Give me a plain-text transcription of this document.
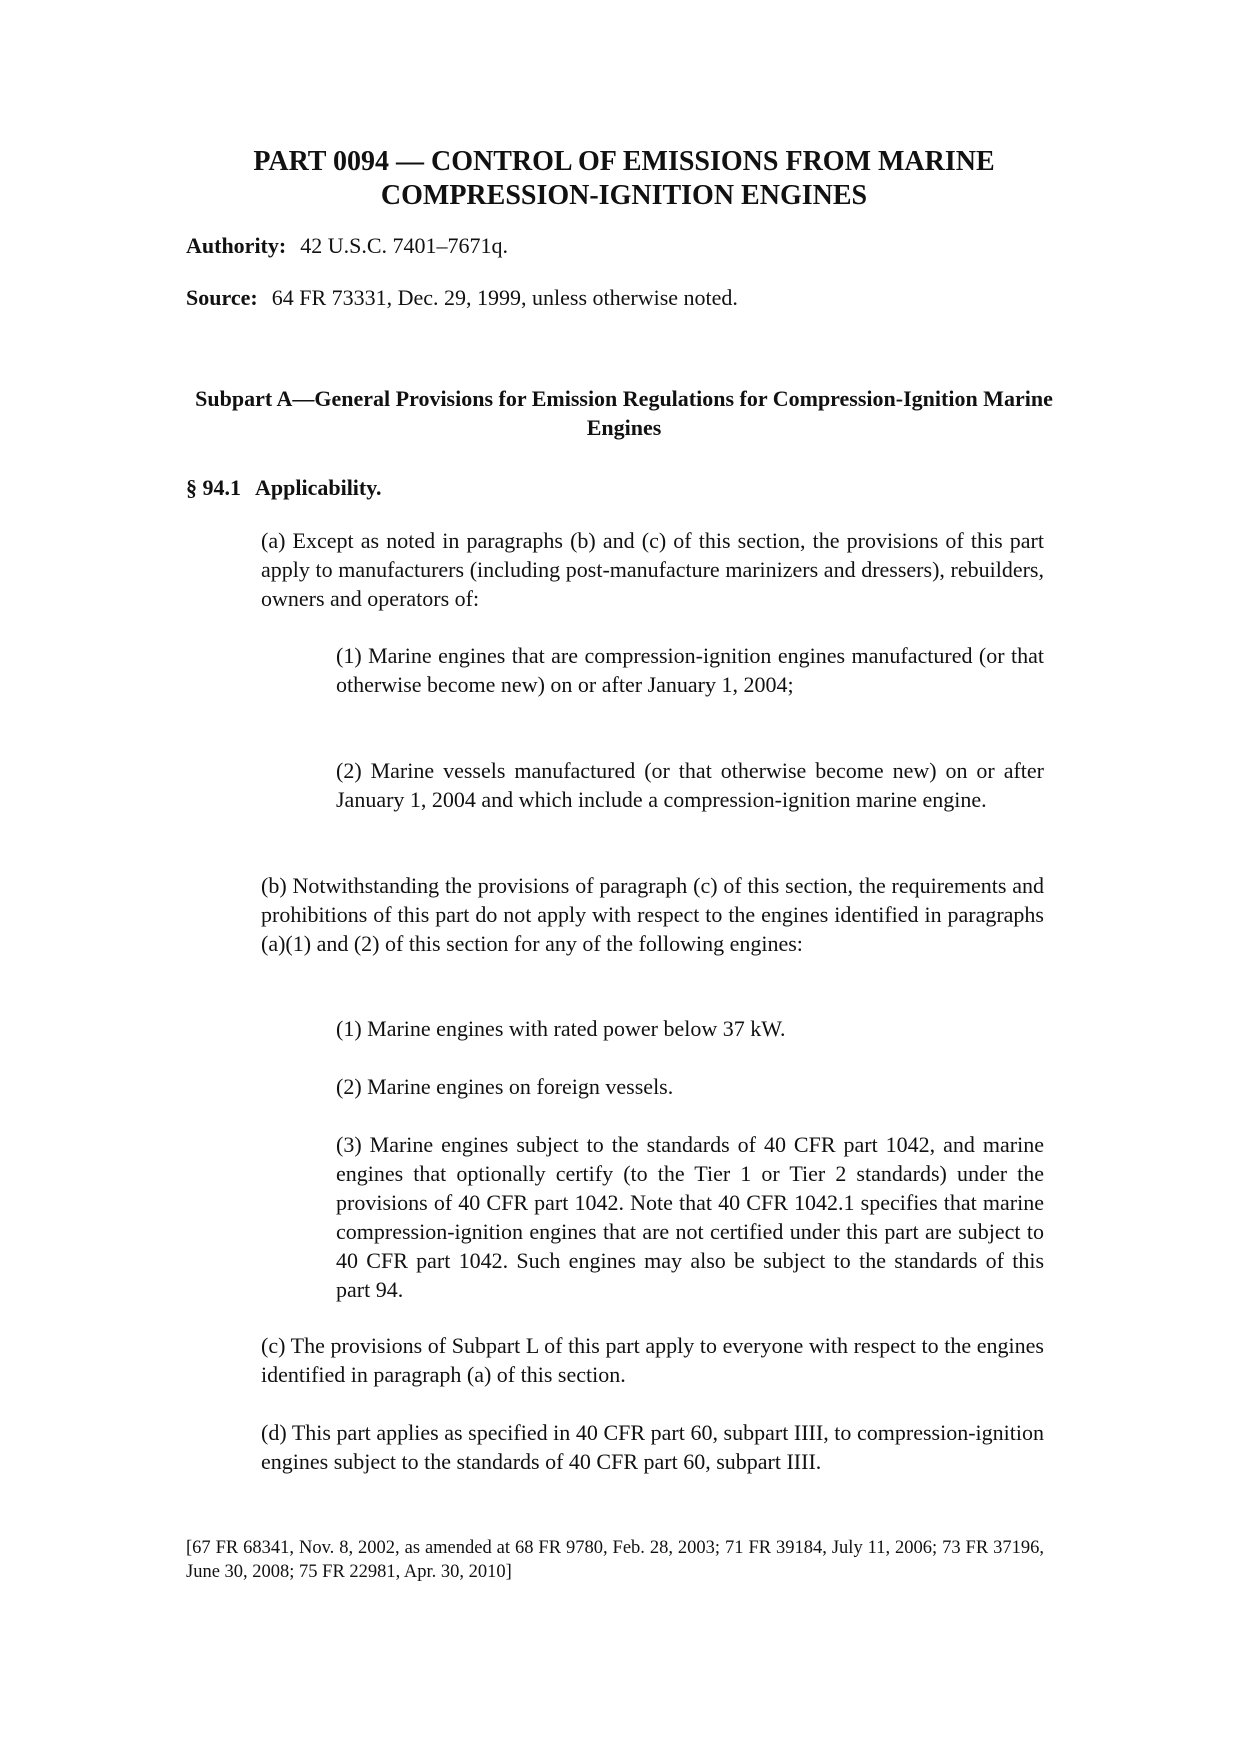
PART 0094 — CONTROL OF EMISSIONS FROM MARINE COMPRESSION-IGNITION ENGINES
Authority: 42 U.S.C. 7401–7671q.
Source: 64 FR 73331, Dec. 29, 1999, unless otherwise noted.
Subpart A—General Provisions for Emission Regulations for Compression-Ignition Marine Engines
§ 94.1 Applicability.
(a) Except as noted in paragraphs (b) and (c) of this section, the provisions of this part apply to manufacturers (including post-manufacture marinizers and dressers), rebuilders, owners and operators of:
(1) Marine engines that are compression-ignition engines manufactured (or that otherwise become new) on or after January 1, 2004;
(2) Marine vessels manufactured (or that otherwise become new) on or after January 1, 2004 and which include a compression-ignition marine engine.
(b) Notwithstanding the provisions of paragraph (c) of this section, the requirements and prohibitions of this part do not apply with respect to the engines identified in paragraphs (a)(1) and (2) of this section for any of the following engines:
(1) Marine engines with rated power below 37 kW.
(2) Marine engines on foreign vessels.
(3) Marine engines subject to the standards of 40 CFR part 1042, and marine engines that optionally certify (to the Tier 1 or Tier 2 standards) under the provisions of 40 CFR part 1042. Note that 40 CFR 1042.1 specifies that marine compression-ignition engines that are not certified under this part are subject to 40 CFR part 1042. Such engines may also be subject to the standards of this part 94.
(c) The provisions of Subpart L of this part apply to everyone with respect to the engines identified in paragraph (a) of this section.
(d) This part applies as specified in 40 CFR part 60, subpart IIII, to compression-ignition engines subject to the standards of 40 CFR part 60, subpart IIII.
[67 FR 68341, Nov. 8, 2002, as amended at 68 FR 9780, Feb. 28, 2003; 71 FR 39184, July 11, 2006; 73 FR 37196, June 30, 2008; 75 FR 22981, Apr. 30, 2010]
